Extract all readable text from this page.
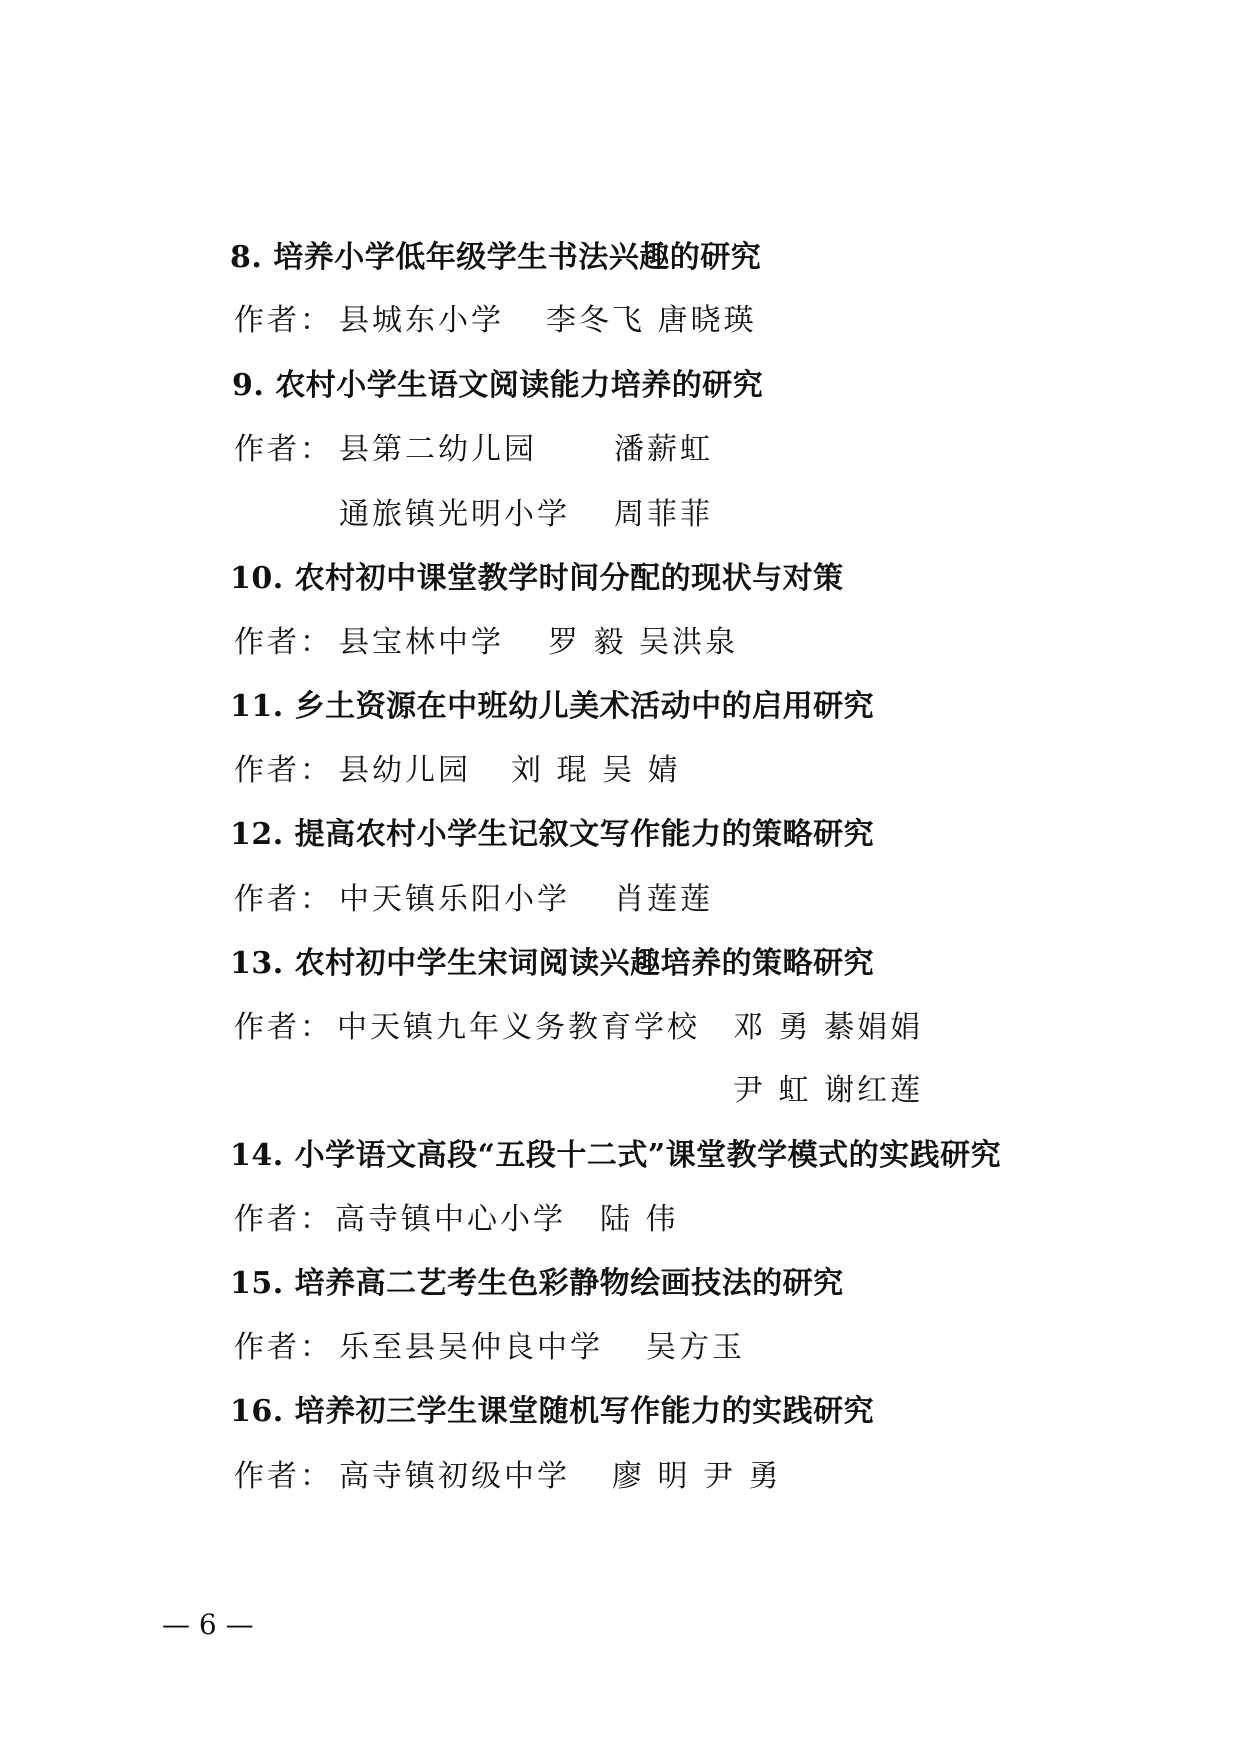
8. 培养小学低年级学生书法兴趣的研究
作者： 县城东小学 李冬飞 唐晓瑛
9. 农村小学生语文阅读能力培养的研究
作者： 县第二幼儿园	潘薪虹
通旅镇光明小学 周菲菲
10. 农村初中课堂教学时间分配的现状与对策
作者： 县宝林中学 罗 毅 吴洪泉
11. 乡土资源在中班幼儿美术活动中的启用研究
作者： 县幼儿园 刘 琨 吴 婧
12. 提高农村小学生记叙文写作能力的策略研究
作者： 中天镇乐阳小学 肖莲莲
13. 农村初中学生宋词阅读兴趣培养的策略研究
作者： 中天镇九年义务教育学校 邓 勇 綦娟娟
尹 虹 谢红莲
14. 小学语文高段“五段十二式”课堂教学模式的实践研究
作者： 高寺镇中心小学 陆 伟
15. 培养高二艺考生色彩静物绘画技法的研究
作者： 乐至县吴仲良中学 吴方玉
16. 培养初三学生课堂随机写作能力的实践研究
作者： 高寺镇初级中学 廖 明 尹 勇
— 6 —
